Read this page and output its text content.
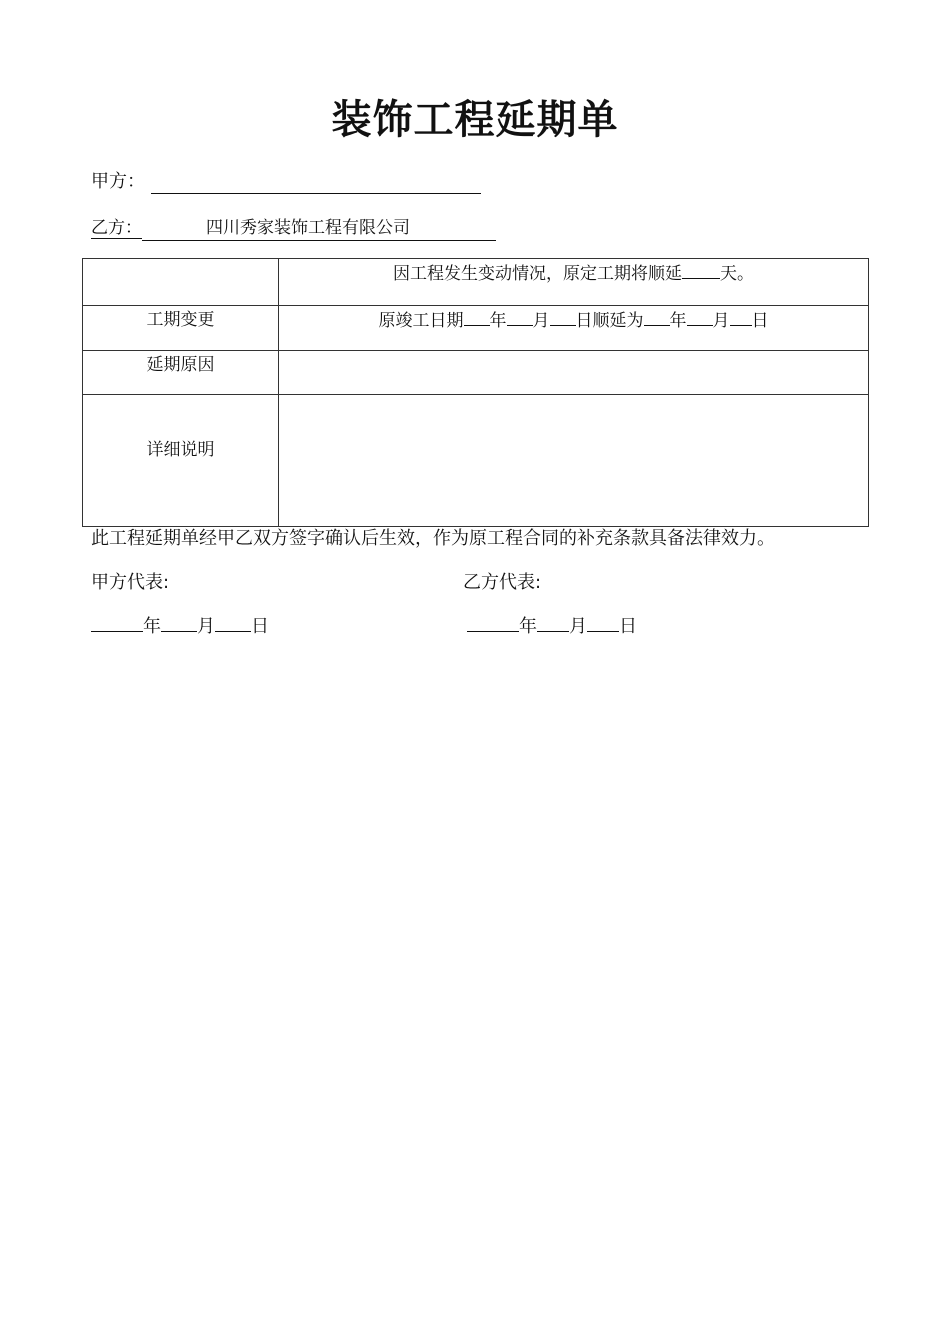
装饰工程延期单
甲方：
乙方：	四川秀家装饰工程有限公司

	因工程发生变动情况，原定工期将顺延 天。

工期变更	原竣工日期 年 月 日顺延为 年 月 日

延期原因	

详细说明	

此工程延期单经甲乙双方签字确认后生效，作为原工程合同的补充条款具备法律效力。
甲方代表:	乙方代表:
年 月 日	年 月 日
